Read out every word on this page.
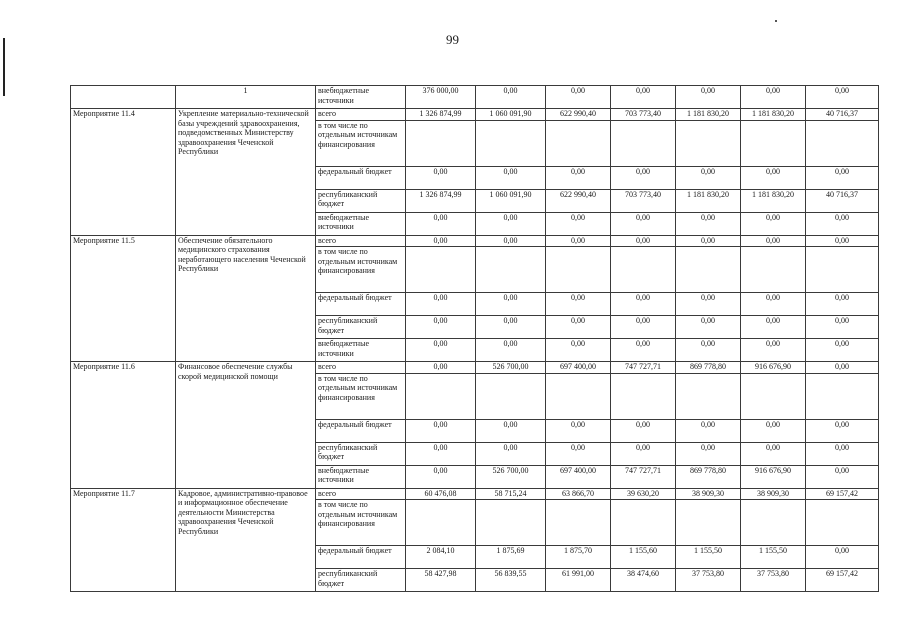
99
	1	внебюджетные источники	376 000,00	0,00	0,00	0,00	0,00	0,00	0,00
Мероприятие 11.4	Укрепление материально-технической базы учреждений здравоохранения, подведомственных Министерству здравоохранения Чеченской Республики	всего	1 326 874,99	1 060 091,90	622 990,40	703 773,40	1 181 830,20	1 181 830,20	40 716,37
		в том числе по отдельным источникам финансирования							
		федеральный бюджет	0,00	0,00	0,00	0,00	0,00	0,00	0,00
		республиканский бюджет	1 326 874,99	1 060 091,90	622 990,40	703 773,40	1 181 830,20	1 181 830,20	40 716,37
		внебюджетные источники	0,00	0,00	0,00	0,00	0,00	0,00	0,00
Мероприятие 11.5	Обеспечение обязательного медицинского страхования неработающего населения Чеченской Республики	всего	0,00	0,00	0,00	0,00	0,00	0,00	0,00
		в том числе по отдельным источникам финансирования							
		федеральный бюджет	0,00	0,00	0,00	0,00	0,00	0,00	0,00
		республиканский бюджет	0,00	0,00	0,00	0,00	0,00	0,00	0,00
		внебюджетные источники	0,00	0,00	0,00	0,00	0,00	0,00	0,00
Мероприятие 11.6	Финансовое обеспечение службы скорой медицинской помощи	всего	0,00	526 700,00	697 400,00	747 727,71	869 778,80	916 676,90	0,00
		в том числе по отдельным источникам финансирования							
		федеральный бюджет	0,00	0,00	0,00	0,00	0,00	0,00	0,00
		республиканский бюджет	0,00	0,00	0,00	0,00	0,00	0,00	0,00
		внебюджетные источники	0,00	526 700,00	697 400,00	747 727,71	869 778,80	916 676,90	0,00
Мероприятие 11.7	Кадровое, административно-правовое и информационное обеспечение деятельности Министерства здравоохранения Чеченской Республики	всего	60 476,08	58 715,24	63 866,70	39 630,20	38 909,30	38 909,30	69 157,42
		в том числе по отдельным источникам финансирования							
		федеральный бюджет	2 084,10	1 875,69	1 875,70	1 155,60	1 155,50	1 155,50	0,00
		республиканский бюджет	58 427,98	56 839,55	61 991,00	38 474,60	37 753,80	37 753,80	69 157,42
